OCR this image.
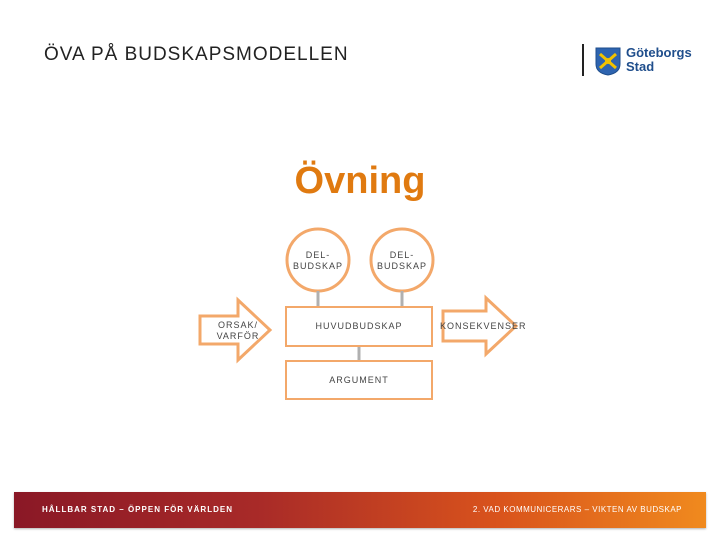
ÖVA PÅ BUDSKAPSMODELLEN	Göteborgs
Stad
Övning
DEL-
BUDSKAP
DEL-
BUDSKAP
ORSAK/
VARFÖR
HUVUDBUDSKAP	KONSEKVENSER
ARGUMENT
HÅLLBAR STAD – ÖPPEN FÖR VÄRLDEN	2. VAD KOMMUNICERARS – VIKTEN AV BUDSKAP
